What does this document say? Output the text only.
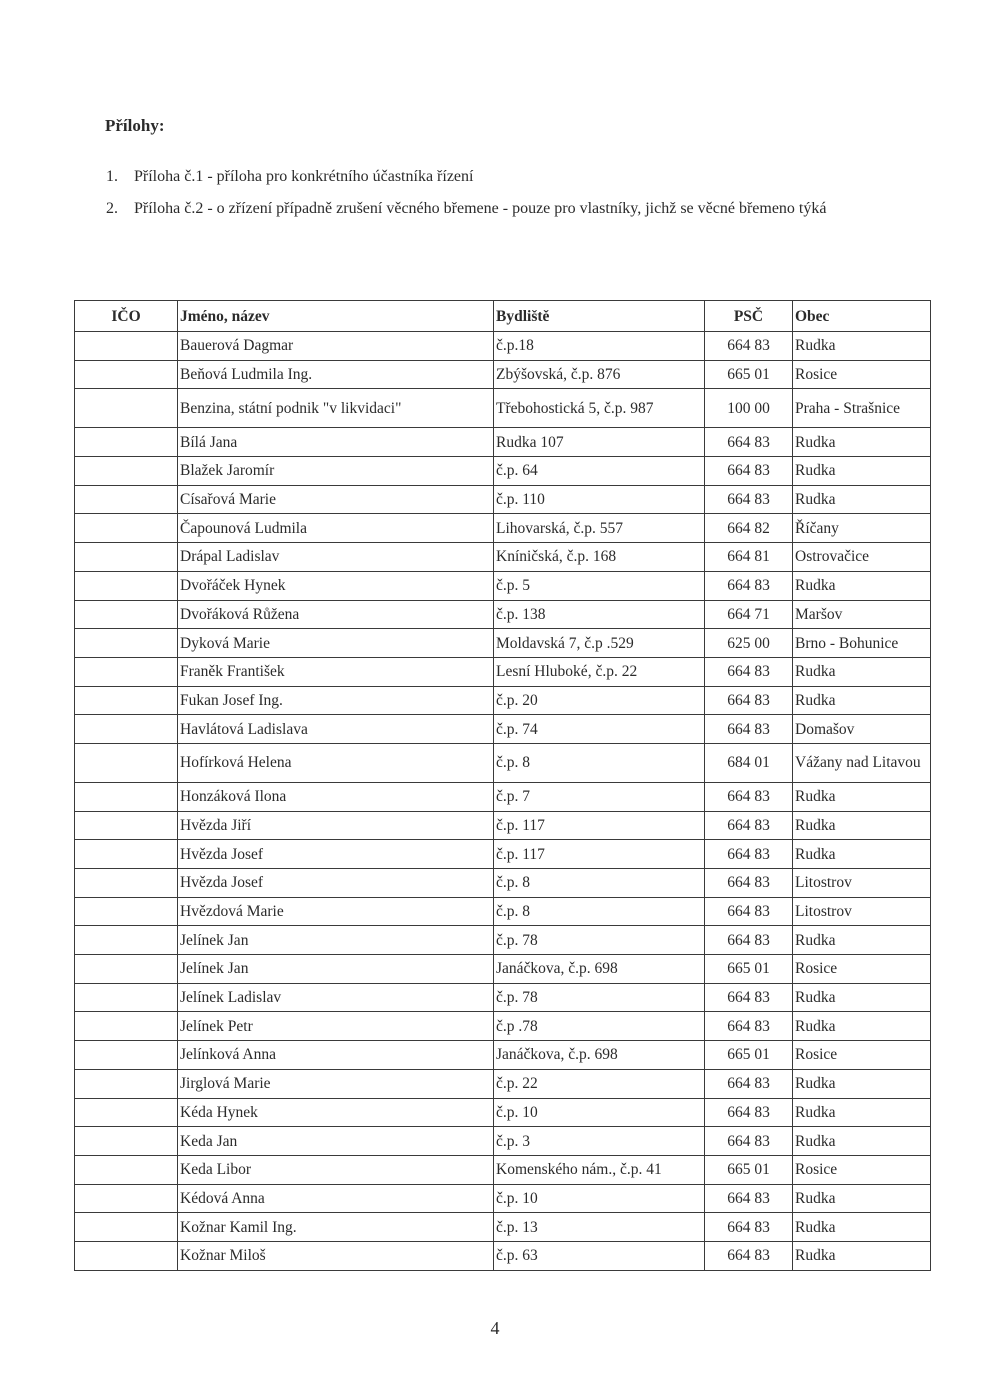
Přílohy:
1.	Příloha č.1 - příloha pro konkrétního účastníka řízení
2.	Příloha č.2 - o zřízení případně zrušení věcného břemene - pouze pro vlastníky, jichž se věcné břemeno týká
IČO	Jméno, název	Bydliště	PSČ	Obec
	Bauerová Dagmar	č.p.18	664 83	Rudka
	Beňová Ludmila Ing.	Zbýšovská, č.p. 876	665 01	Rosice
	Benzina, státní podnik "v likvidaci"	Třebohostická 5, č.p. 987	100 00	Praha - Strašnice
	Bílá Jana	Rudka 107	664 83	Rudka
	Blažek Jaromír	č.p. 64	664 83	Rudka
	Císařová Marie	č.p. 110	664 83	Rudka
	Čapounová Ludmila	Lihovarská, č.p. 557	664 82	Říčany
	Drápal Ladislav	Kníničská, č.p. 168	664 81	Ostrovačice
	Dvořáček Hynek	č.p. 5	664 83	Rudka
	Dvořáková Růžena	č.p. 138	664 71	Maršov
	Dyková Marie	Moldavská 7, č.p .529	625 00	Brno - Bohunice
	Franěk František	Lesní Hluboké, č.p. 22	664 83	Rudka
	Fukan Josef Ing.	č.p. 20	664 83	Rudka
	Havlátová Ladislava	č.p. 74	664 83	Domašov
	Hofírková Helena	č.p. 8	684 01	Vážany nad Litavou
	Honzáková Ilona	č.p. 7	664 83	Rudka
	Hvězda Jiří	č.p. 117	664 83	Rudka
	Hvězda Josef	č.p. 117	664 83	Rudka
	Hvězda Josef	č.p. 8	664 83	Litostrov
	Hvězdová Marie	č.p. 8	664 83	Litostrov
	Jelínek Jan	č.p. 78	664 83	Rudka
	Jelínek Jan	Janáčkova, č.p. 698	665 01	Rosice
	Jelínek Ladislav	č.p. 78	664 83	Rudka
	Jelínek Petr	č.p .78	664 83	Rudka
	Jelínková Anna	Janáčkova, č.p. 698	665 01	Rosice
	Jirglová Marie	č.p. 22	664 83	Rudka
	Kéda Hynek	č.p. 10	664 83	Rudka
	Keda Jan	č.p. 3	664 83	Rudka
	Keda Libor	Komenského nám., č.p. 41	665 01	Rosice
	Kédová Anna	č.p. 10	664 83	Rudka
	Kožnar Kamil Ing.	č.p. 13	664 83	Rudka
	Kožnar Miloš	č.p. 63	664 83	Rudka
4
